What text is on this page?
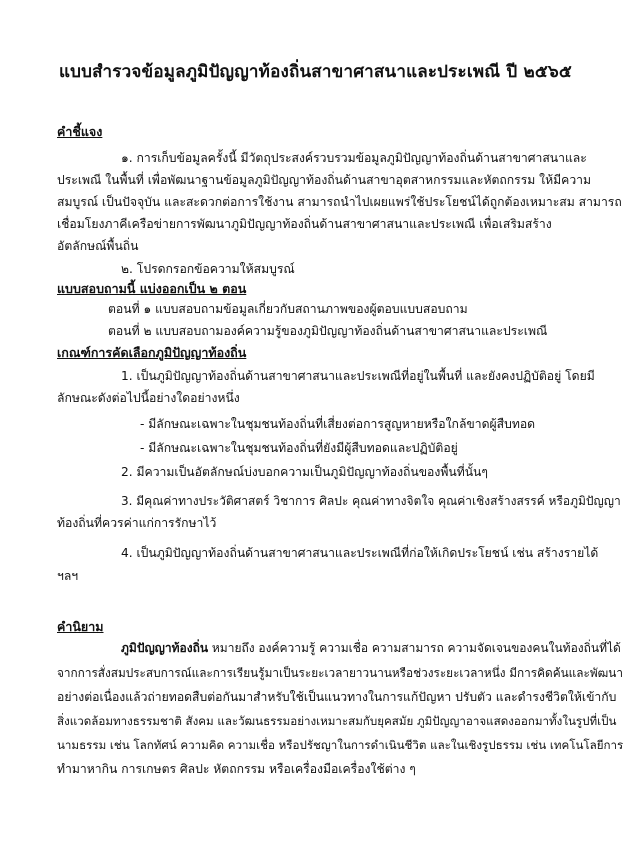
แบบสำรวจข้อมูลภูมิปัญญาท้องถิ่นสาขาศาสนาและประเพณี ปี ๒๕๖๕
คำชี้แจง
๑. การเก็บข้อมูลครั้งนี้ มีวัตถุประสงค์รวบรวมข้อมูลภูมิปัญญาท้องถิ่นด้านสาขาศาสนาและ
ประเพณี ในพื้นที่ เพื่อพัฒนาฐานข้อมูลภูมิปัญญาท้องถิ่นด้านสาขาอุตสาหกรรมและหัตถกรรม ให้มีความ
สมบูรณ์ เป็นปัจจุบัน และสะดวกต่อการใช้งาน สามารถนำไปเผยแพร่ใช้ประโยชน์ได้ถูกต้องเหมาะสม สามารถ
เชื่อมโยงภาคีเครือข่ายการพัฒนาภูมิปัญญาท้องถิ่นด้านสาขาศาสนาและประเพณี เพื่อเสริมสร้าง
อัตลักษณ์พื้นถิ่น
๒. โปรดกรอกข้อความให้สมบูรณ์
แบบสอบถามนี้ แบ่งออกเป็น ๒ ตอน
ตอนที่ ๑ แบบสอบถามข้อมูลเกี่ยวกับสถานภาพของผู้ตอบแบบสอบถาม
ตอนที่ ๒ แบบสอบถามองค์ความรู้ของภูมิปัญญาท้องถิ่นด้านสาขาศาสนาและประเพณี
เกณฑ์การคัดเลือกภูมิปัญญาท้องถิ่น
1. เป็นภูมิปัญญาท้องถิ่นด้านสาขาศาสนาและประเพณีที่อยู่ในพื้นที่ และยังคงปฏิบัติอยู่ โดยมี
ลักษณะดังต่อไปนี้อย่างใดอย่างหนึ่ง
- มีลักษณะเฉพาะในชุมชนท้องถิ่นที่เสี่ยงต่อการสูญหายหรือใกล้ขาดผู้สืบทอด
- มีลักษณะเฉพาะในชุมชนท้องถิ่นที่ยังมีผู้สืบทอดและปฏิบัติอยู่
2. มีความเป็นอัตลักษณ์บ่งบอกความเป็นภูมิปัญญาท้องถิ่นของพื้นที่นั้นๆ
3. มีคุณค่าทางประวัติศาสตร์ วิชาการ ศิลปะ คุณค่าทางจิตใจ คุณค่าเชิงสร้างสรรค์ หรือภูมิปัญญา
ท้องถิ่นที่ควรค่าแก่การรักษาไว้
4. เป็นภูมิปัญญาท้องถิ่นด้านสาขาศาสนาและประเพณีที่ก่อให้เกิดประโยชน์ เช่น สร้างรายได้
ฯลฯ
คำนิยาม
ภูมิปัญญาท้องถิ่น หมายถึง องค์ความรู้ ความเชื่อ ความสามารถ ความจัดเจนของคนในท้องถิ่นที่ได้
จากการสั่งสมประสบการณ์และการเรียนรู้มาเป็นระยะเวลายาวนานหรือช่วงระยะเวลาหนึ่ง มีการคิดค้นและพัฒนา
อย่างต่อเนื่องแล้วถ่ายทอดสืบต่อกันมาสำหรับใช้เป็นแนวทางในการแก้ปัญหา ปรับตัว และดำรงชีวิตให้เข้ากับ
สิ่งแวดล้อมทางธรรมชาติ สังคม และวัฒนธรรมอย่างเหมาะสมกับยุคสมัย ภูมิปัญญาอาจแสดงออกมาทั้งในรูปที่เป็น
นามธรรม เช่น โลกทัศน์ ความคิด ความเชื่อ หรือปรัชญาในการดำเนินชีวิต และในเชิงรูปธรรม เช่น เทคโนโลยีการ
ทำมาหากิน การเกษตร ศิลปะ หัตถกรรม หรือเครื่องมือเครื่องใช้ต่าง ๆ
